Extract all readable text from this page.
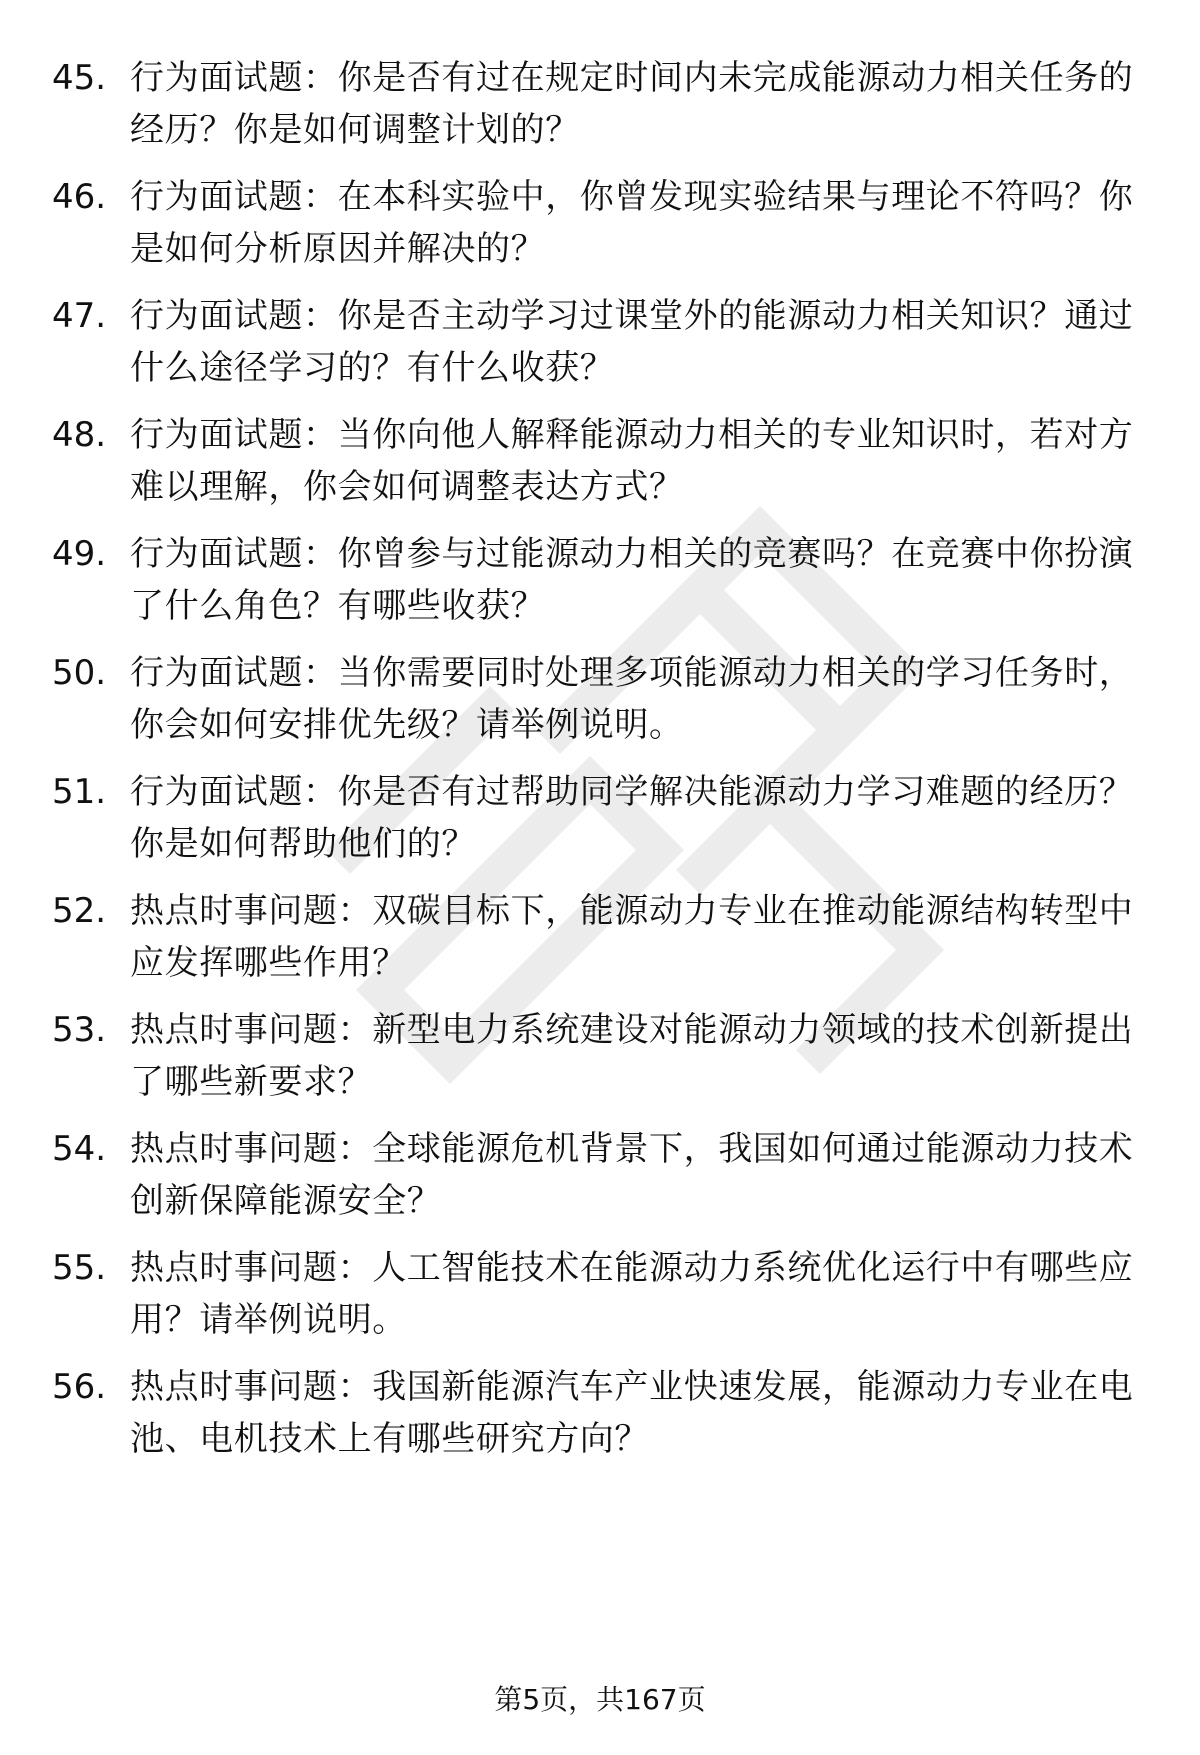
45. 行为面试题：你是否有过在规定时间内未完成能源动力相关任务的经历？你是如何调整计划的？
46. 行为面试题：在本科实验中，你曾发现实验结果与理论不符吗？你是如何分析原因并解决的？
47. 行为面试题：你是否主动学习过课堂外的能源动力相关知识？通过什么途径学习的？有什么收获？
48. 行为面试题：当你向他人解释能源动力相关的专业知识时，若对方难以理解，你会如何调整表达方式？
49. 行为面试题：你曾参与过能源动力相关的竞赛吗？在竞赛中你扮演了什么角色？有哪些收获？
50. 行为面试题：当你需要同时处理多项能源动力相关的学习任务时，你会如何安排优先级？请举例说明。
51. 行为面试题：你是否有过帮助同学解决能源动力学习难题的经历？你是如何帮助他们的？
52. 热点时事问题：双碳目标下，能源动力专业在推动能源结构转型中应发挥哪些作用？
53. 热点时事问题：新型电力系统建设对能源动力领域的技术创新提出了哪些新要求？
54. 热点时事问题：全球能源危机背景下，我国如何通过能源动力技术创新保障能源安全？
55. 热点时事问题：人工智能技术在能源动力系统优化运行中有哪些应用？请举例说明。
56. 热点时事问题：我国新能源汽车产业快速发展，能源动力专业在电池、电机技术上有哪些研究方向？
第5页，共167页
